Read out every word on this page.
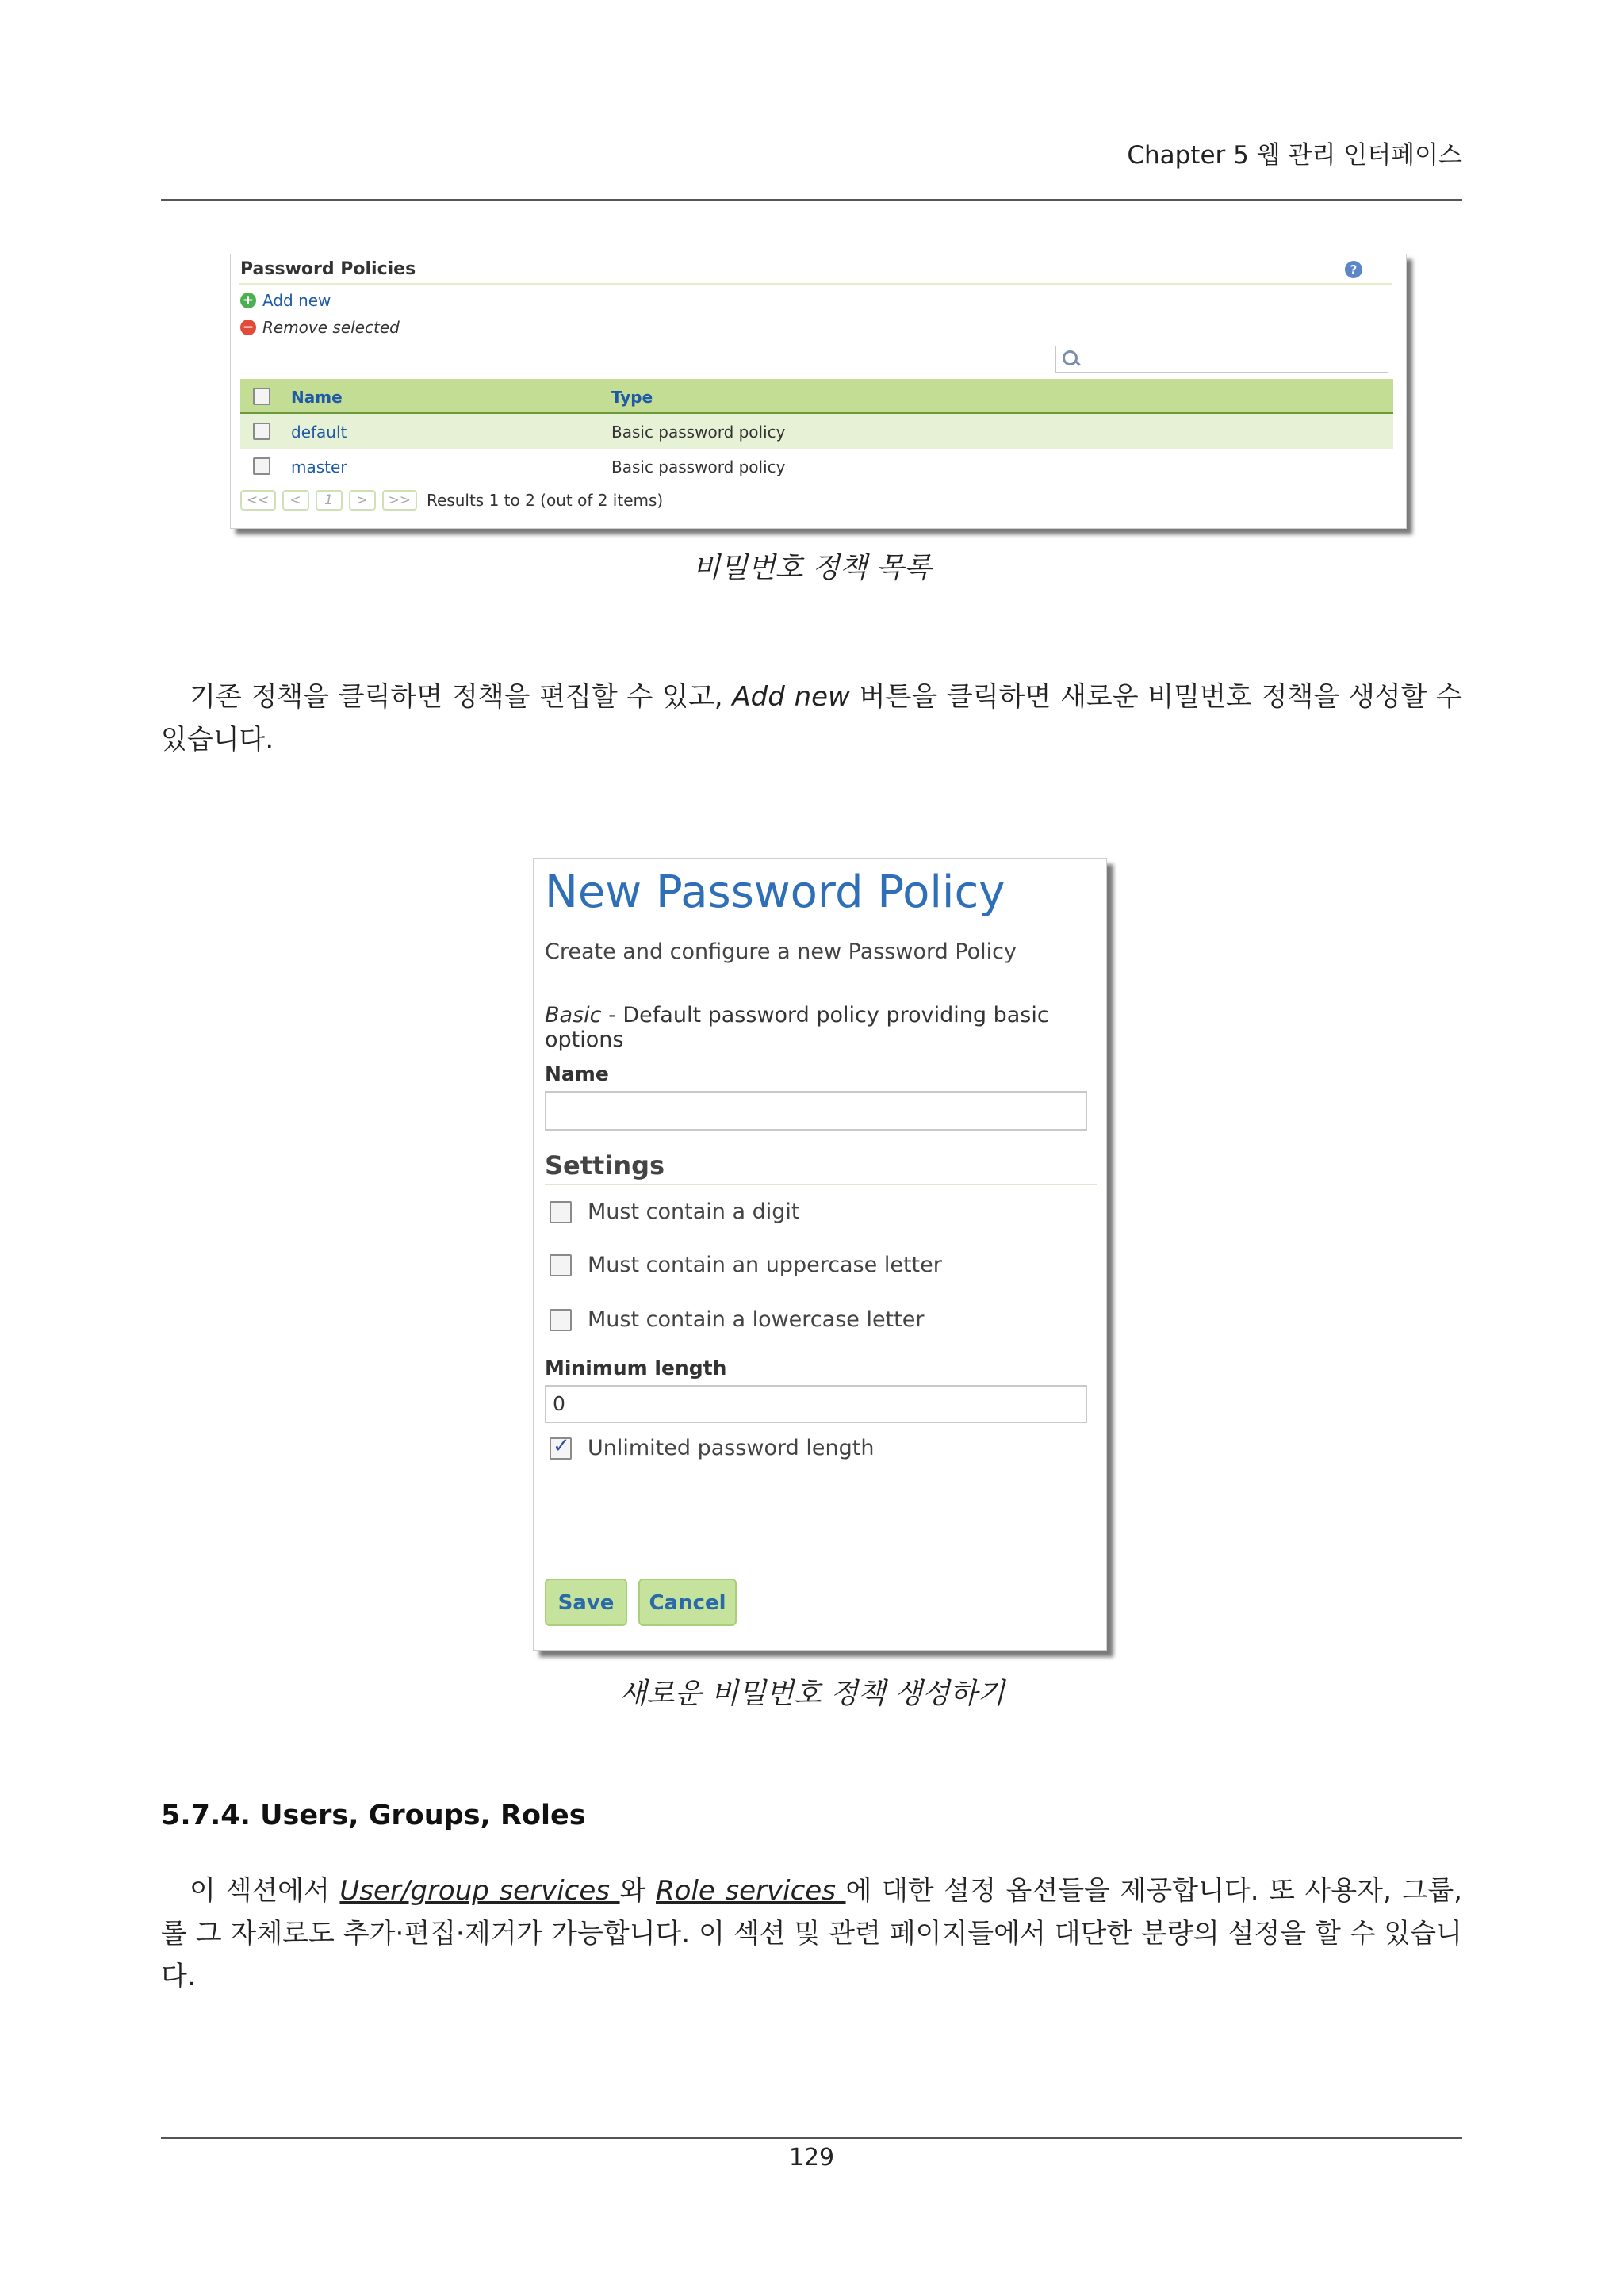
Chapter 5 웹 관리 인터페이스
Password Policies	?
+ Add new
− Remove selected
Name	Type
default	Basic password policy
master	Basic password policy
<<	<	1	>	>>	Results 1 to 2 (out of 2 items)
비밀번호 정책 목록
기존 정책을 클릭하면 정책을 편집할 수 있고, Add new 버튼을 클릭하면 새로운 비밀번호 정책을 생성할 수 있습니다.
New Password Policy
Create and configure a new Password Policy
Basic - Default password policy providing basic options
Name
Settings
Must contain a digit
Must contain an uppercase letter
Must contain a lowercase letter
Minimum length
0
✓
Unlimited password length
Save	Cancel
새로운 비밀번호 정책 생성하기
5.7.4. Users, Groups, Roles
이 섹션에서 User/group services 와 Role services 에 대한 설정 옵션들을 제공합니다. 또 사용자, 그룹, 롤 그 자체로도 추가·편집·제거가 가능합니다. 이 섹션 및 관련 페이지들에서 대단한 분량의 설정을 할 수 있습니다.
129
